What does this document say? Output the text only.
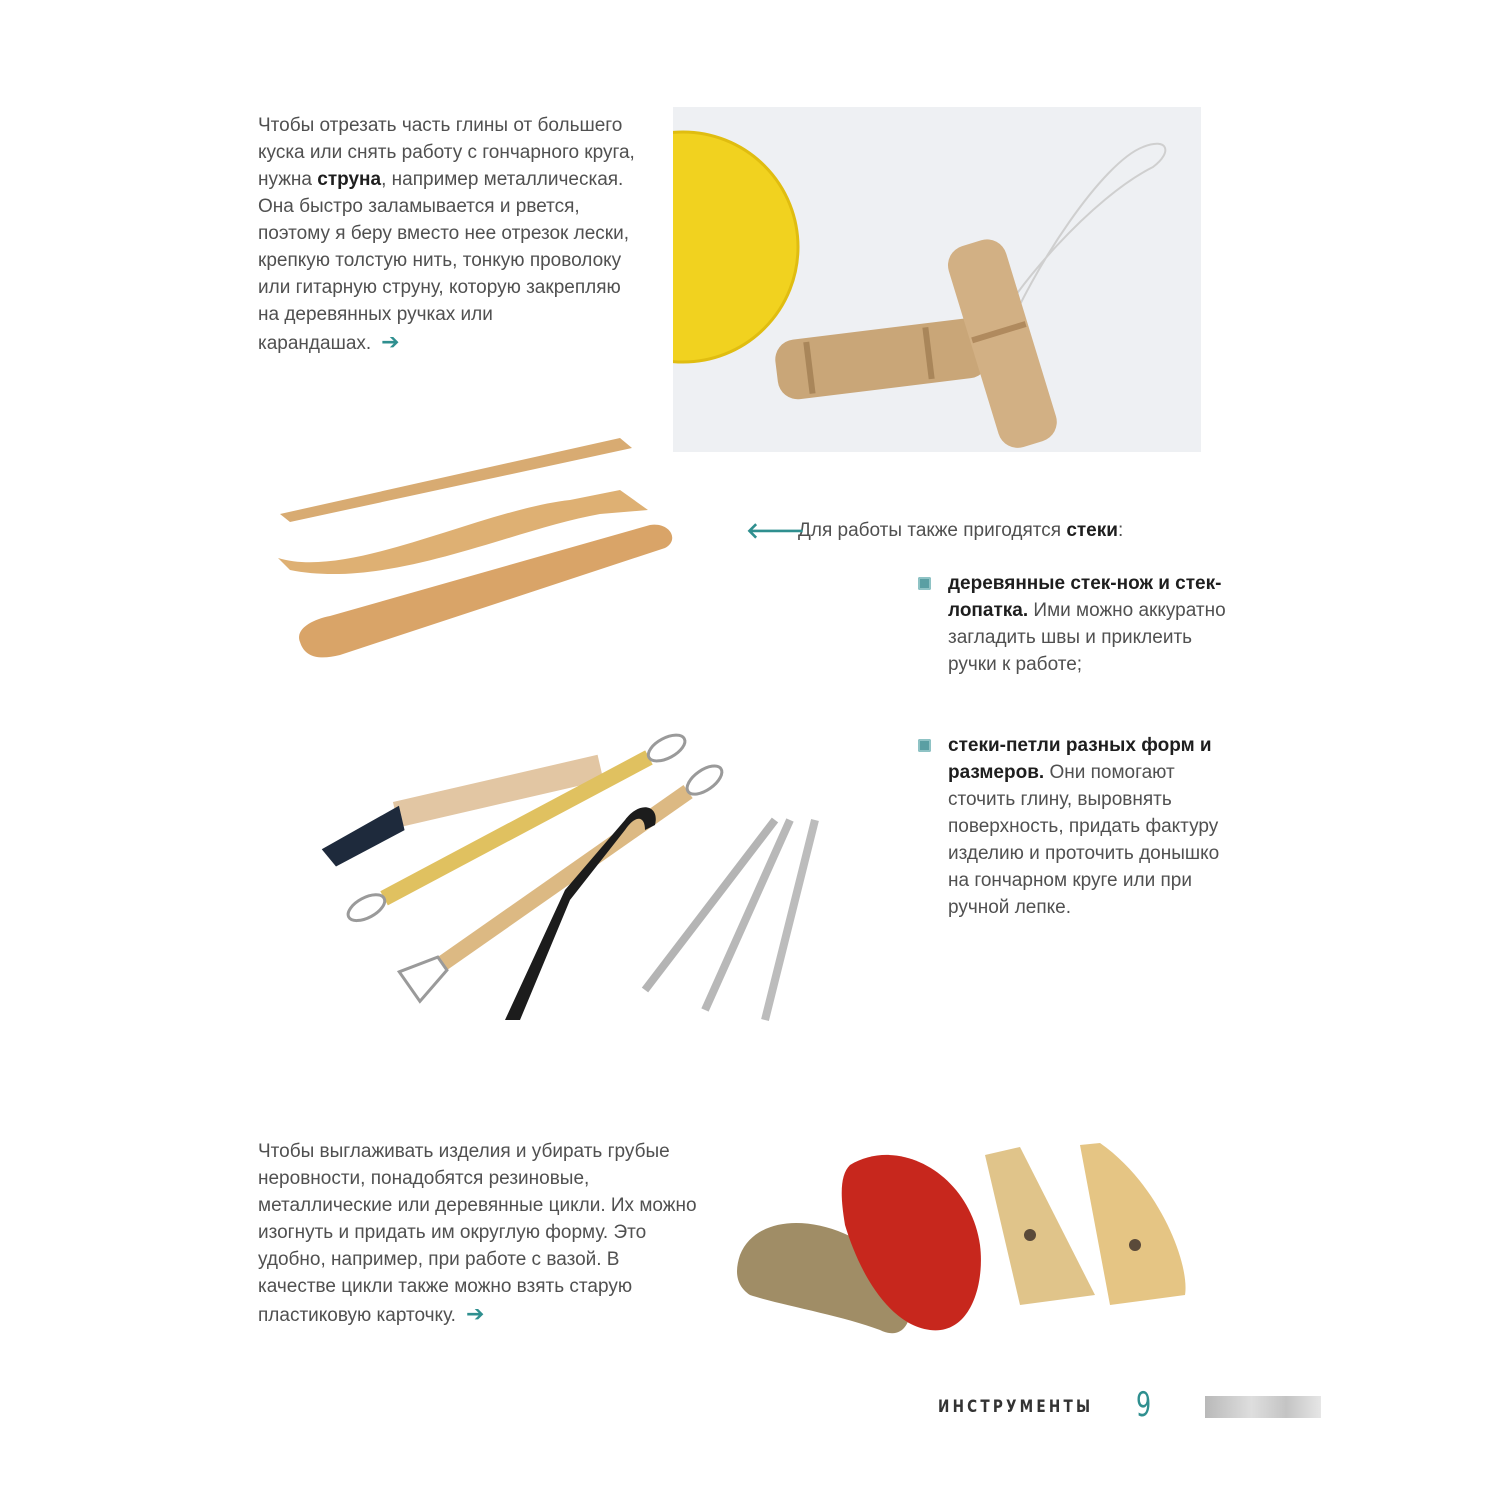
Чтобы отрезать часть глины от большего куска или снять работу с гончарного круга, нужна струна, например металлическая. Она быстро заламывается и рвется, поэтому я беру вместо нее отрезок лески, крепкую толстую нить, тонкую проволоку или гитарную струну, которую закрепляю на деревянных ручках или карандашах. ➔
🡐
Для работы также пригодятся стеки:
деревянные стек-нож и стек-лопатка. Ими можно аккуратно загладить швы и приклеить ручки к работе;
стеки-петли разных форм и размеров. Они помогают сточить глину, выровнять поверхность, придать фактуру изделию и проточить донышко на гончарном круге или при ручной лепке.
Чтобы выглаживать изделия и убирать грубые неровности, понадобятся резиновые, металлические или деревянные цикли. Их можно изогнуть и придать им округлую форму. Это удобно, например, при работе с вазой. В качестве цикли также можно взять старую пластиковую карточку. ➔
ИНСТРУМЕНТЫ 9
